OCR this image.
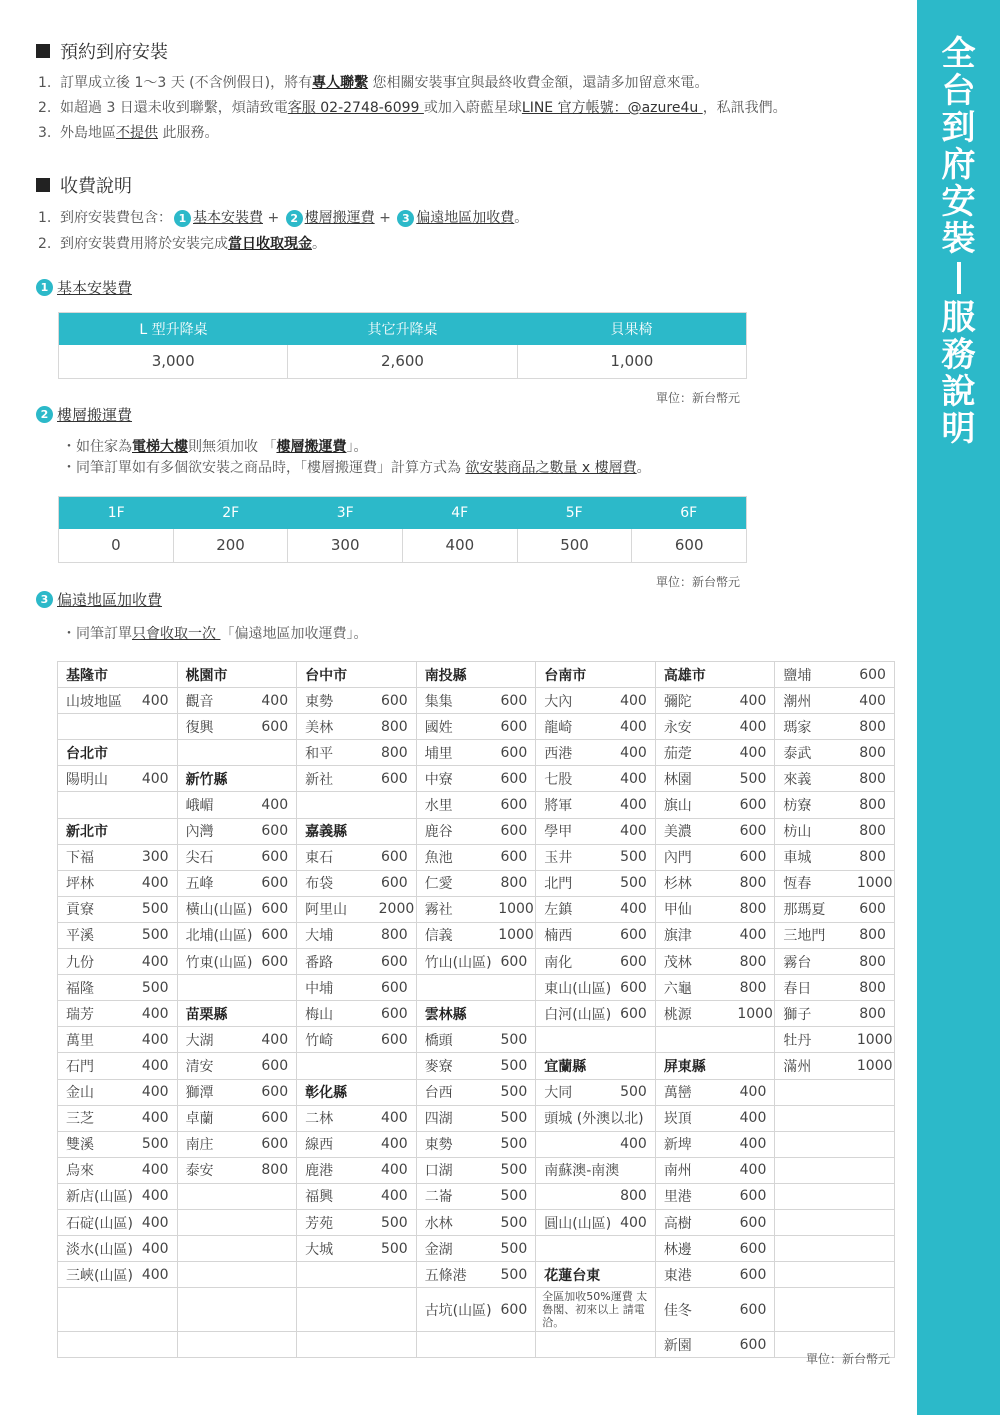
全
台
到
府
安
裝
服
務
說
明
預約到府安裝
1. 訂單成立後 1～3 天 (不含例假日)，將有專人聯繫 您相關安裝事宜與最終收費金額，還請多加留意來電。
2. 如超過 3 日還未收到聯繫，煩請致電客服 02-2748-6099 或加入蔚藍星球LINE 官方帳號：@azure4u ，私訊我們。
3. 外島地區不提供 此服務。
收費說明
1. 到府安裝費包含： 1 基本安裝費 + 2 樓層搬運費 + 3 偏遠地區加收費。
2. 到府安裝費用將於安裝完成當日收取現金。
1 基本安裝費
L 型升降桌	其它升降桌	貝果椅
3,000	2,600	1,000
單位：新台幣元
2 樓層搬運費
・如住家為電梯大樓則無須加收 「樓層搬運費」。
・同筆訂單如有多個欲安裝之商品時，「樓層搬運費」計算方式為 欲安裝商品之數量 x 樓層費。
1F	2F	3F	4F	5F	6F
0	200	300	400	500	600
單位：新台幣元
3 偏遠地區加收費
・同筆訂單只會收取一次 「偏遠地區加收運費」。
基隆市		桃園市		台中市		南投縣		台南市		高雄市		鹽埔	600
山坡地區	400	觀音	400	東勢	600	集集	600	大內	400	彌陀	400	潮州	400
		復興	600	美林	800	國姓	600	龍崎	400	永安	400	瑪家	800
台北市				和平	800	埔里	600	西港	400	茄萣	400	泰武	800
陽明山	400	新竹縣		新社	600	中寮	600	七股	400	林園	500	來義	800
		峨嵋	400			水里	600	將軍	400	旗山	600	枋寮	800
新北市		內灣	600	嘉義縣		鹿谷	600	學甲	400	美濃	600	枋山	800
下福	300	尖石	600	東石	600	魚池	600	玉井	500	內門	600	車城	800
坪林	400	五峰	600	布袋	600	仁愛	800	北門	500	杉林	800	恆春	1000
貢寮	500	橫山(山區)	600	阿里山	2000	霧社	1000	左鎮	400	甲仙	800	那瑪夏	600
平溪	500	北埔(山區)	600	大埔	800	信義	1000	楠西	600	旗津	400	三地門	800
九份	400	竹東(山區)	600	番路	600	竹山(山區)	600	南化	600	茂林	800	霧台	800
福隆	500			中埔	600			東山(山區)	600	六龜	800	春日	800
瑞芳	400	苗栗縣		梅山	600	雲林縣		白河(山區)	600	桃源	1000	獅子	800
萬里	400	大湖	400	竹崎	600	橋頭	500					牡丹	1000
石門	400	清安	600			麥寮	500	宜蘭縣		屏東縣		滿州	1000
金山	400	獅潭	600	彰化縣		台西	500	大同	500	萬巒	400		
三芝	400	卓蘭	600	二林	400	四湖	500	頭城 (外澳以北)		崁頂	400		
雙溪	500	南庄	600	線西	400	東勢	500		400	新埤	400		
烏來	400	泰安	800	鹿港	400	口湖	500	南蘇澳-南澳		南州	400		
新店(山區)	400			福興	400	二崙	500		800	里港	600		
石碇(山區)	400			芳苑	500	水林	500	圓山(山區)	400	高樹	600		
淡水(山區)	400			大城	500	金湖	500			林邊	600		
三峽(山區)	400					五條港	500	花蓮台東		東港	600		
						古坑(山區)	600	全區加收50%運費 太魯閣、初來以上 請電洽。		佳冬	600		
										新園	600		
單位：新台幣元
